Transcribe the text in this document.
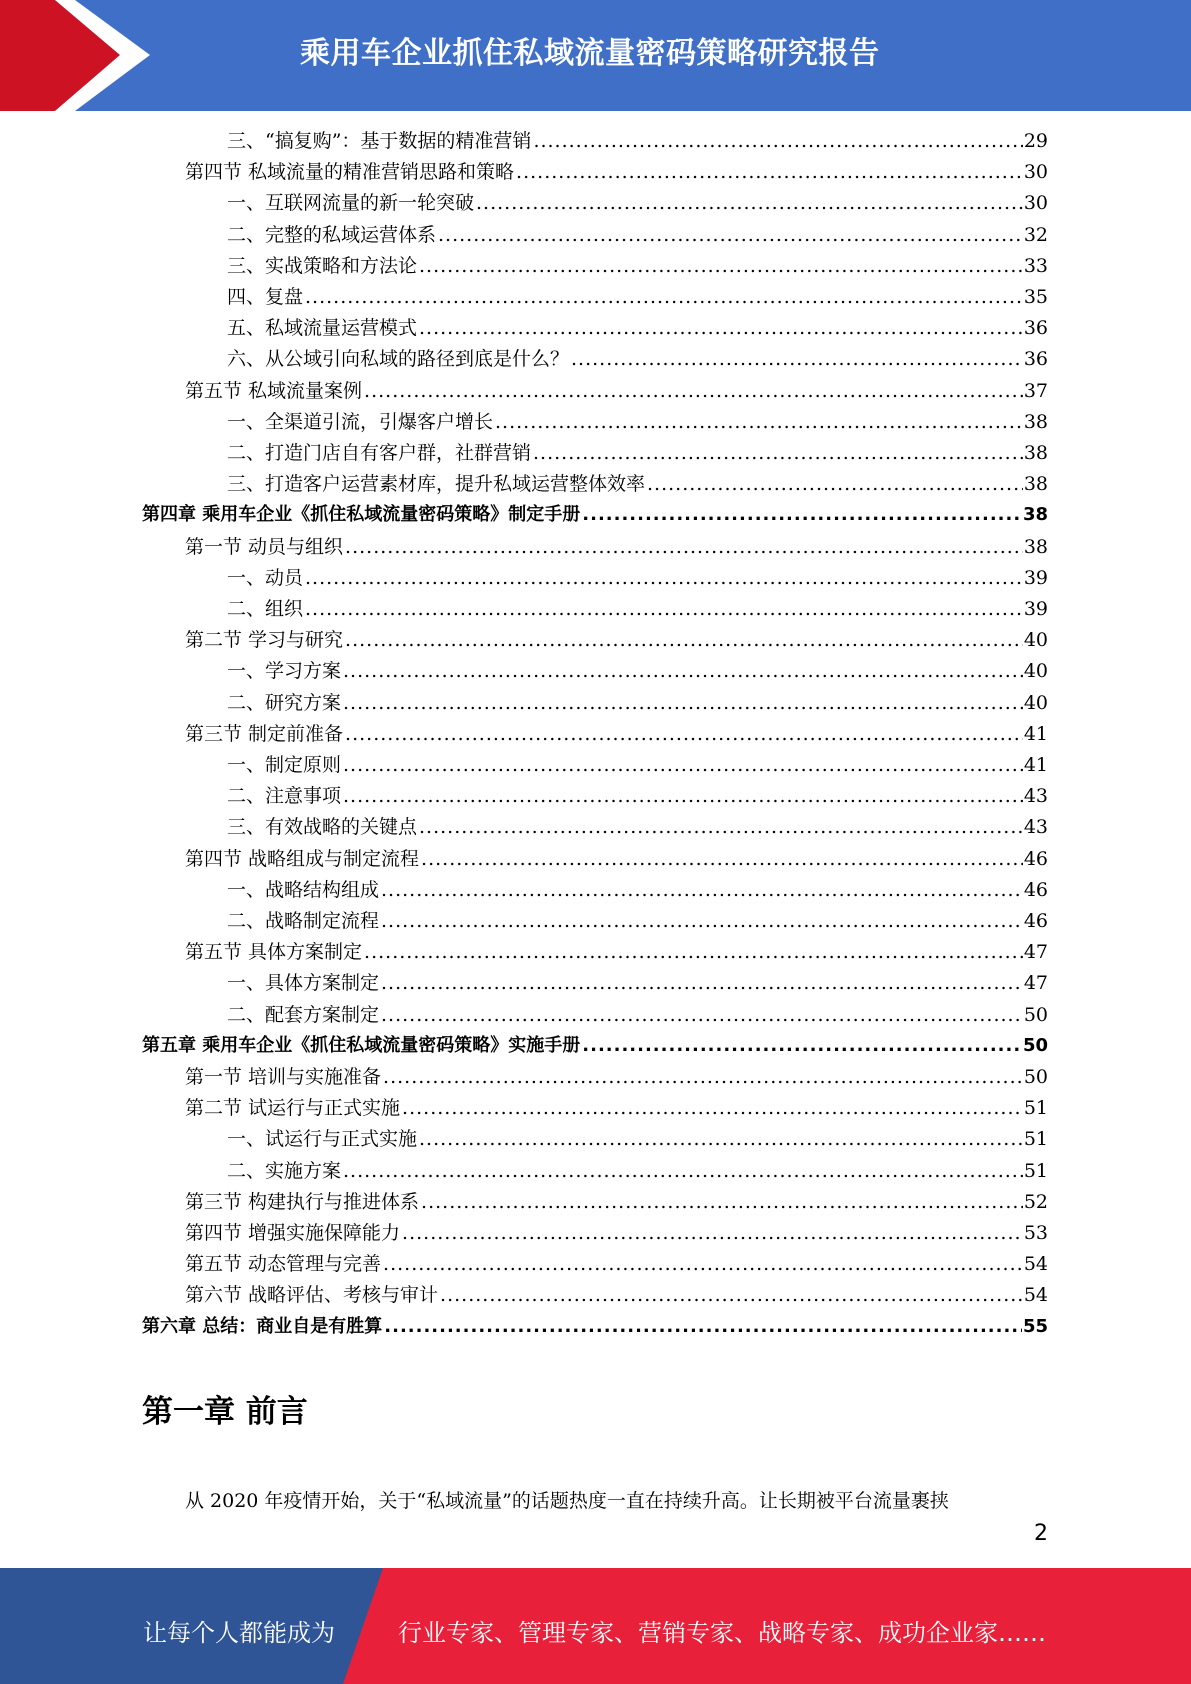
乘用车企业抓住私域流量密码策略研究报告
三、“搞复购”：基于数据的精准营销 .....	29
第四节 私域流量的精准营销思路和策略 .....	30
一、互联网流量的新一轮突破 .....	30
二、完整的私域运营体系 .....	32
三、实战策略和方法论 .....	33
四、复盘 .....	35
五、私域流量运营模式 .....	36
六、从公域引向私域的路径到底是什么？ .....	36
第五节 私域流量案例 .....	37
一、全渠道引流，引爆客户增长 .....	38
二、打造门店自有客户群，社群营销 .....	38
三、打造客户运营素材库，提升私域运营整体效率 .....	38
第四章 乘用车企业《抓住私域流量密码策略》制定手册 .....	38
第一节 动员与组织 .....	38
一、动员 .....	39
二、组织 .....	39
第二节 学习与研究 .....	40
一、学习方案 .....	40
二、研究方案 .....	40
第三节 制定前准备 .....	41
一、制定原则 .....	41
二、注意事项 .....	43
三、有效战略的关键点 .....	43
第四节 战略组成与制定流程 .....	46
一、战略结构组成 .....	46
二、战略制定流程 .....	46
第五节 具体方案制定 .....	47
一、具体方案制定 .....	47
二、配套方案制定 .....	50
第五章 乘用车企业《抓住私域流量密码策略》实施手册 .....	50
第一节 培训与实施准备 .....	50
第二节 试运行与正式实施 .....	51
一、试运行与正式实施 .....	51
二、实施方案 .....	51
第三节 构建执行与推进体系 .....	52
第四节 增强实施保障能力 .....	53
第五节 动态管理与完善 .....	54
第六节 战略评估、考核与审计 .....	54
第六章 总结：商业自是有胜算 .....	55
第一章 前言
从 2020 年疫情开始，关于“私域流量”的话题热度一直在持续升高。让长期被平台流量裹挟
2
让每个人都能成为	行业专家、管理专家、营销专家、战略专家、成功企业家……
